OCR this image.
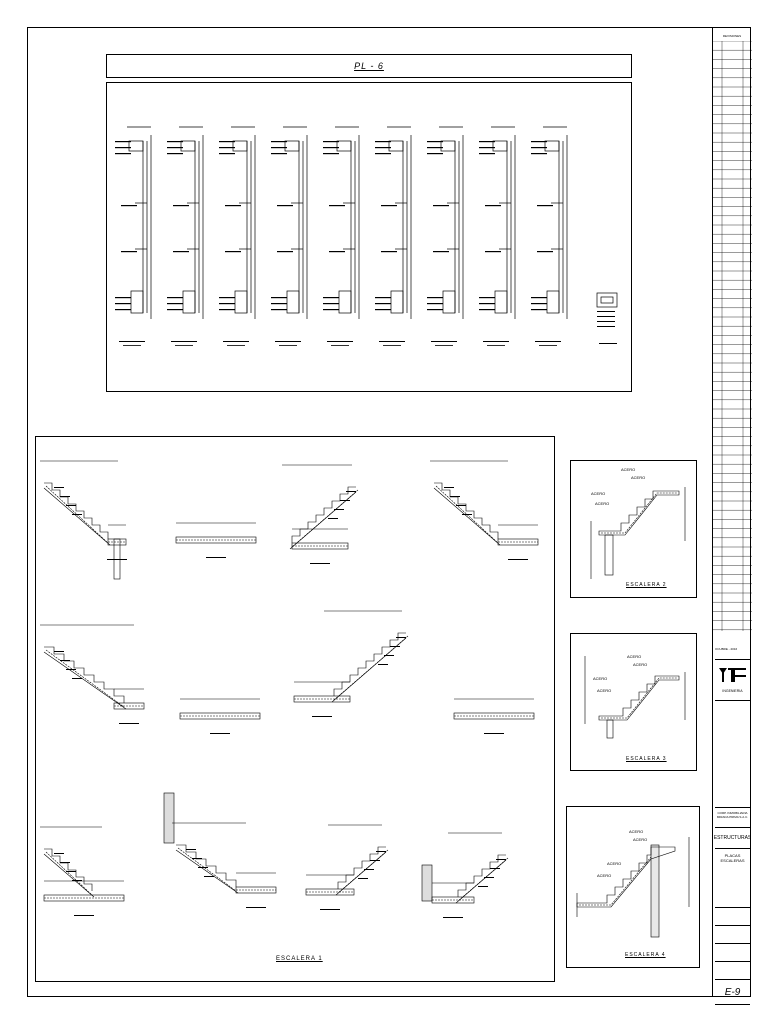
PL - 6
ESCALERA 1
ACERO
ACERO
ACERO
ACERO
ESCALERA 2
ACERO
ACERO
ACERO
ACERO
ESCALERA 3
ACERO
ACERO
ACERO
ACERO
ESCALERA 4
REVISIONES
OCUBRE - 2016
INGENIERIA
CORP. INMOBILIARIA
MIRADA PRIMA S.A.C.
ESTRUCTURAS
PLACAS
ESCALERAS
E-9
